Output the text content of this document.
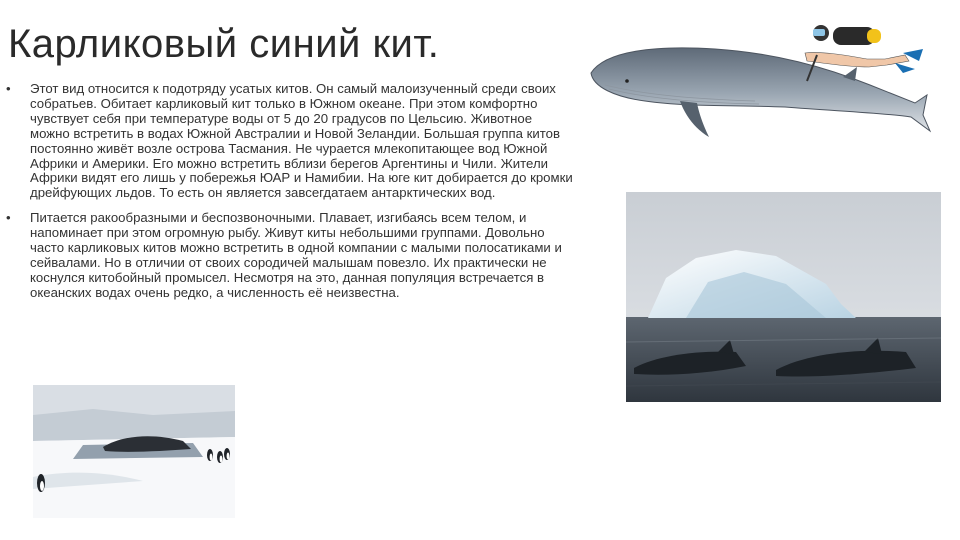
Карликовый синий кит.
• Этот вид относится к подотряду усатых китов. Он самый малоизученный среди своих собратьев. Обитает карликовый кит только в Южном океане. При этом комфортно чувствует себя при температуре воды от 5 до 20 градусов по Цельсию. Животное можно встретить в водах Южной Австралии и Новой Зеландии. Большая группа китов постоянно живёт возле острова Тасмания. Не чурается млекопитающее вод Южной Африки и Америки. Его можно встретить вблизи берегов Аргентины и Чили. Жители Африки видят его лишь у побережья ЮАР и Намибии. На юге кит добирается до кромки дрейфующих льдов. То есть он является завсегдатаем антарктических вод.
• Питается ракообразными и беспозвоночными. Плавает, изгибаясь всем телом, и напоминает при этом огромную рыбу. Живут киты небольшими группами. Довольно часто карликовых китов можно встретить в одной компании с малыми полосатиками и сейвалами. Но в отличии от своих сородичей малышам повезло. Их практически не коснулся китобойный промысел. Несмотря на это, данная популяция встречается в океанских водах очень редко, а численность её неизвестна.
